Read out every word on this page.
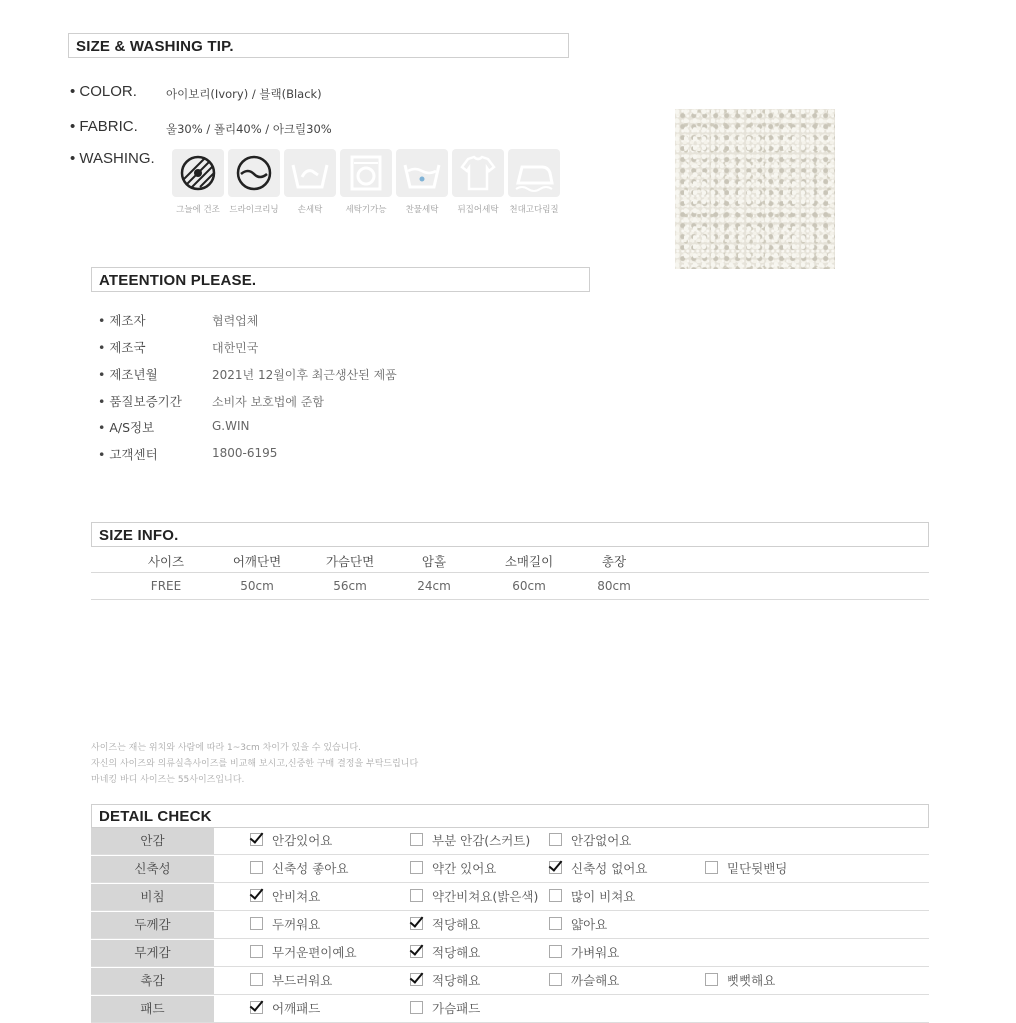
SIZE & WASHING TIP.
• COLOR.	아이보리(Ivory) / 블랙(Black)
• FABRIC. 울30% / 폴리40% / 아크릴30%
• WASHING.
그늘에 건조	드라이크리닝	손세탁	세탁기가능	찬물세탁	뒤집어세탁	천대고다림질
ATEENTION PLEASE.
• 제조자	협력업체
• 제조국	대한민국
• 제조년월	2021년 12월이후 최근생산된 제품
• 품질보증기간	소비자 보호법에 준함
• A/S정보	G.WIN
• 고객센터	1800-6195
SIZE INFO.
사이즈	어깨단면	가슴단면	암홀	소매길이	총장
FREE	50cm	56cm	24cm	60cm	80cm
사이즈는 재는 위치와 사람에 따라 1~3cm 차이가 있을 수 있습니다.
자신의 사이즈와 의류실측사이즈를 비교해 보시고,신중한 구매 결정을 부탁드립니다
마네킹 바디 사이즈는 55사이즈입니다.
DETAIL CHECK
안감	안감있어요	부분 안감(스커트)	안감없어요
신축성	신축성 좋아요	약간 있어요	신축성 없어요	밑단뒷밴딩
비침	안비쳐요	약간비쳐요(밝은색)	많이 비쳐요
두께감	두꺼워요	적당해요	얇아요
무게감	무거운편이예요	적당해요	가벼워요
촉감	부드러워요	적당해요	까슬해요	뻣뻣해요
패드	어깨패드	가슴패드
